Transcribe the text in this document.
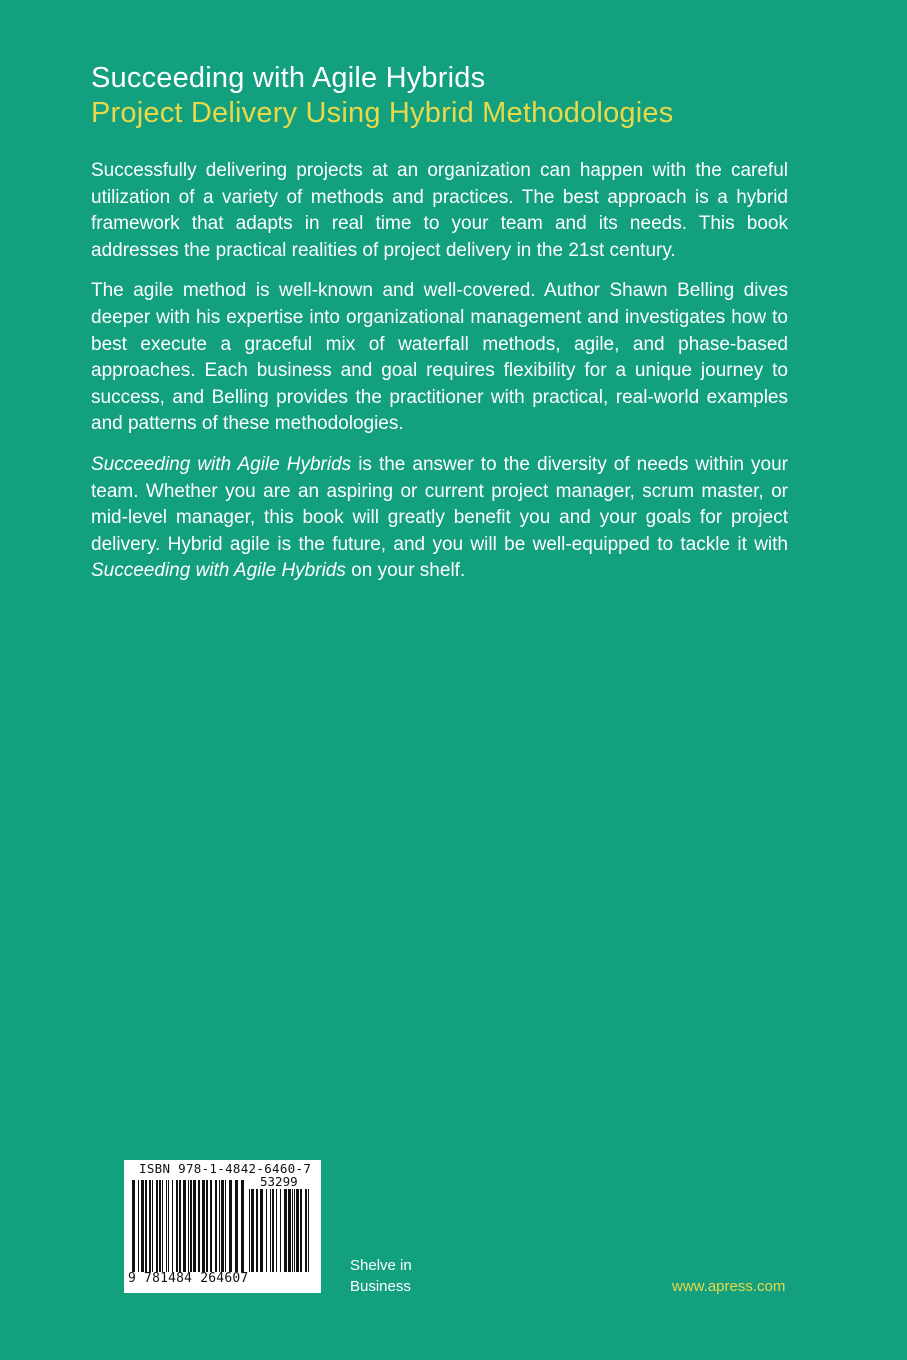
Succeeding with Agile Hybrids
Project Delivery Using Hybrid Methodologies

Successfully delivering projects at an organization can happen with the careful utilization of a variety of methods and practices. The best approach is a hybrid framework that adapts in real time to your team and its needs. This book addresses the practical realities of project delivery in the 21st century.

The agile method is well-known and well-covered. Author Shawn Belling dives deeper with his expertise into organizational management and investigates how to best execute a graceful mix of waterfall methods, agile, and phase-based approaches. Each business and goal requires flexibility for a unique journey to success, and Belling provides the practitioner with practical, real-world examples and patterns of these methodologies.

Succeeding with Agile Hybrids is the answer to the diversity of needs within your team. Whether you are an aspiring or current project manager, scrum master, or mid-level manager, this book will greatly benefit you and your goals for project delivery. Hybrid agile is the future, and you will be well-equipped to tackle it with Succeeding with Agile Hybrids on your shelf.

ISBN 978-1-4842-6460-7
53299
9 781484 264607
Shelve in
Business	www.apress.com
